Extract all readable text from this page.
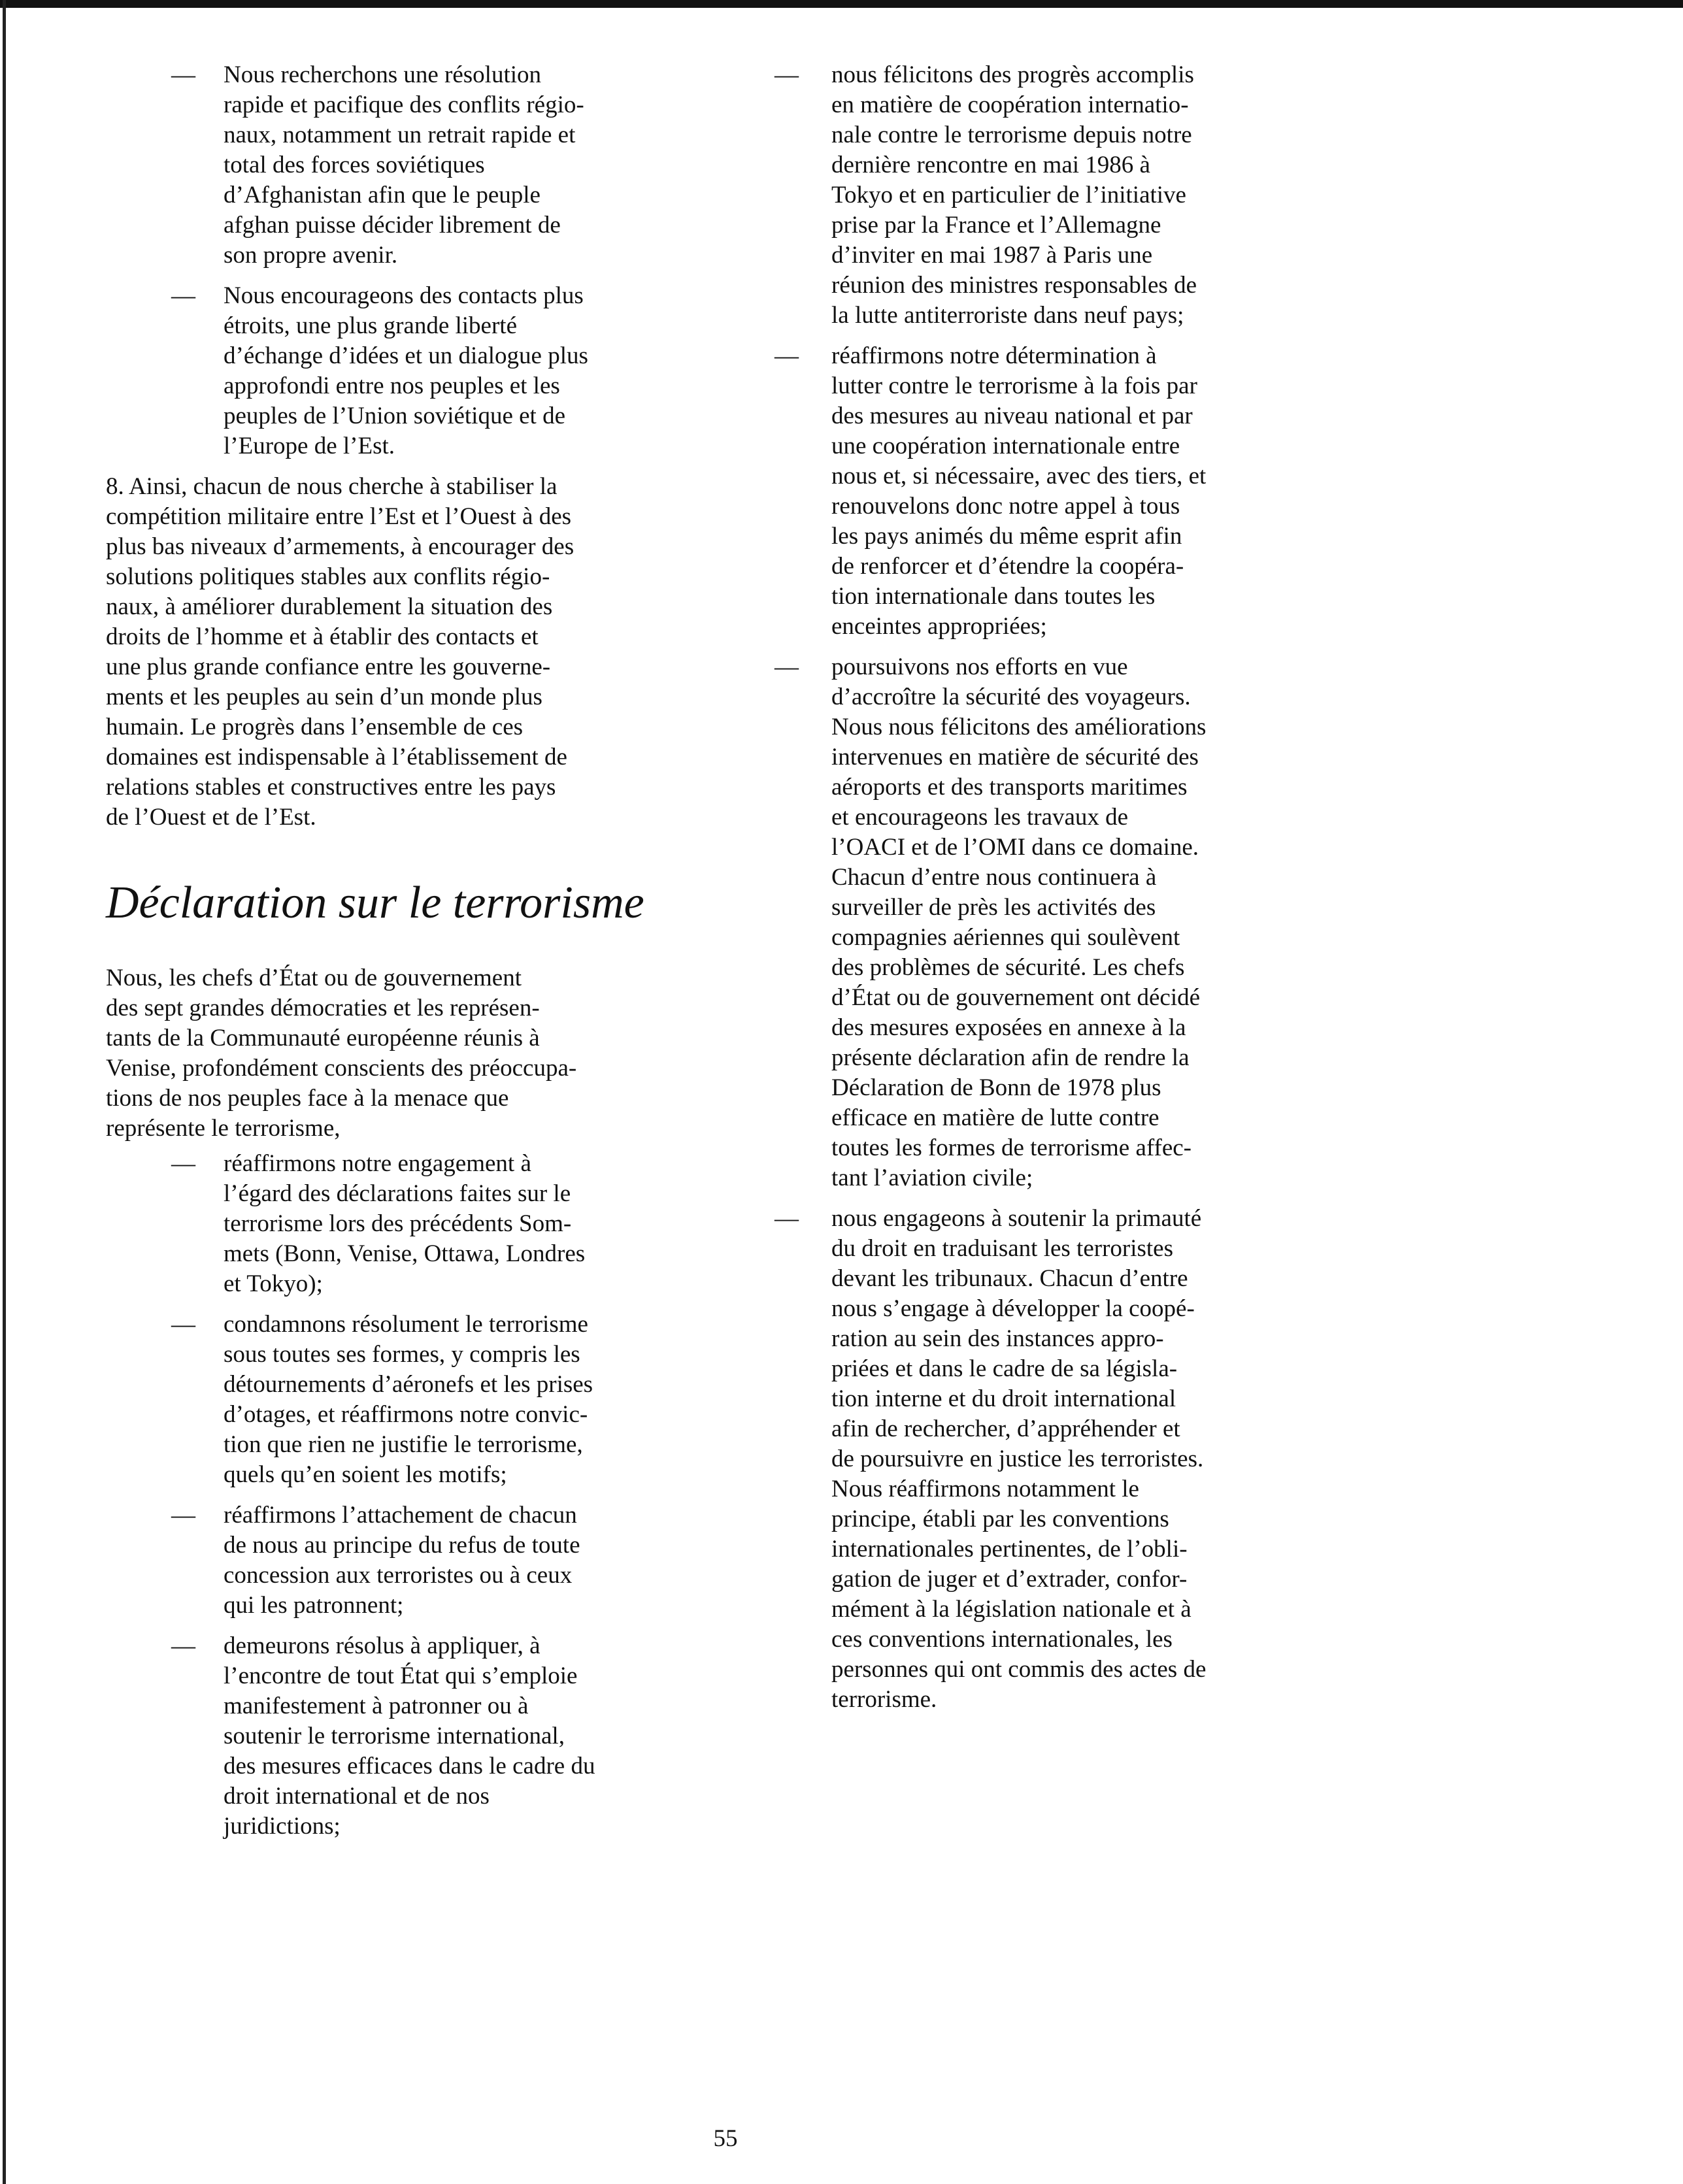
— Nous recherchons une résolution
rapide et pacifique des conflits régio-
naux, notamment un retrait rapide et
total des forces soviétiques
d’Afghanistan afin que le peuple
afghan puisse décider librement de
son propre avenir.
— Nous encourageons des contacts plus
étroits, une plus grande liberté
d’échange d’idées et un dialogue plus
approfondi entre nos peuples et les
peuples de l’Union soviétique et de
l’Europe de l’Est.
8. Ainsi, chacun de nous cherche à stabiliser la
compétition militaire entre l’Est et l’Ouest à des
plus bas niveaux d’armements, à encourager des
solutions politiques stables aux conflits régio-
naux, à améliorer durablement la situation des
droits de l’homme et à établir des contacts et
une plus grande confiance entre les gouverne-
ments et les peuples au sein d’un monde plus
humain. Le progrès dans l’ensemble de ces
domaines est indispensable à l’établissement de
relations stables et constructives entre les pays
de l’Ouest et de l’Est.
Déclaration sur le terrorisme
Nous, les chefs d’État ou de gouvernement
des sept grandes démocraties et les représen-
tants de la Communauté européenne réunis à
Venise, profondément conscients des préoccupa-
tions de nos peuples face à la menace que
représente le terrorisme,
— réaffirmons notre engagement à
l’égard des déclarations faites sur le
terrorisme lors des précédents Som-
mets (Bonn, Venise, Ottawa, Londres
et Tokyo);
— condamnons résolument le terrorisme
sous toutes ses formes, y compris les
détournements d’aéronefs et les prises
d’otages, et réaffirmons notre convic-
tion que rien ne justifie le terrorisme,
quels qu’en soient les motifs;
— réaffirmons l’attachement de chacun
de nous au principe du refus de toute
concession aux terroristes ou à ceux
qui les patronnent;
— demeurons résolus à appliquer, à
l’encontre de tout État qui s’emploie
manifestement à patronner ou à
soutenir le terrorisme international,
des mesures efficaces dans le cadre du
droit international et de nos
juridictions;
— nous félicitons des progrès accomplis
en matière de coopération internatio-
nale contre le terrorisme depuis notre
dernière rencontre en mai 1986 à
Tokyo et en particulier de l’initiative
prise par la France et l’Allemagne
d’inviter en mai 1987 à Paris une
réunion des ministres responsables de
la lutte antiterroriste dans neuf pays;
— réaffirmons notre détermination à
lutter contre le terrorisme à la fois par
des mesures au niveau national et par
une coopération internationale entre
nous et, si nécessaire, avec des tiers, et
renouvelons donc notre appel à tous
les pays animés du même esprit afin
de renforcer et d’étendre la coopéra-
tion internationale dans toutes les
enceintes appropriées;
— poursuivons nos efforts en vue
d’accroître la sécurité des voyageurs.
Nous nous félicitons des améliorations
intervenues en matière de sécurité des
aéroports et des transports maritimes
et encourageons les travaux de
l’OACI et de l’OMI dans ce domaine.
Chacun d’entre nous continuera à
surveiller de près les activités des
compagnies aériennes qui soulèvent
des problèmes de sécurité. Les chefs
d’État ou de gouvernement ont décidé
des mesures exposées en annexe à la
présente déclaration afin de rendre la
Déclaration de Bonn de 1978 plus
efficace en matière de lutte contre
toutes les formes de terrorisme affec-
tant l’aviation civile;
— nous engageons à soutenir la primauté
du droit en traduisant les terroristes
devant les tribunaux. Chacun d’entre
nous s’engage à développer la coopé-
ration au sein des instances appro-
priées et dans le cadre de sa législa-
tion interne et du droit international
afin de rechercher, d’appréhender et
de poursuivre en justice les terroristes.
Nous réaffirmons notamment le
principe, établi par les conventions
internationales pertinentes, de l’obli-
gation de juger et d’extrader, confor-
mément à la législation nationale et à
ces conventions internationales, les
personnes qui ont commis des actes de
terrorisme.
55
